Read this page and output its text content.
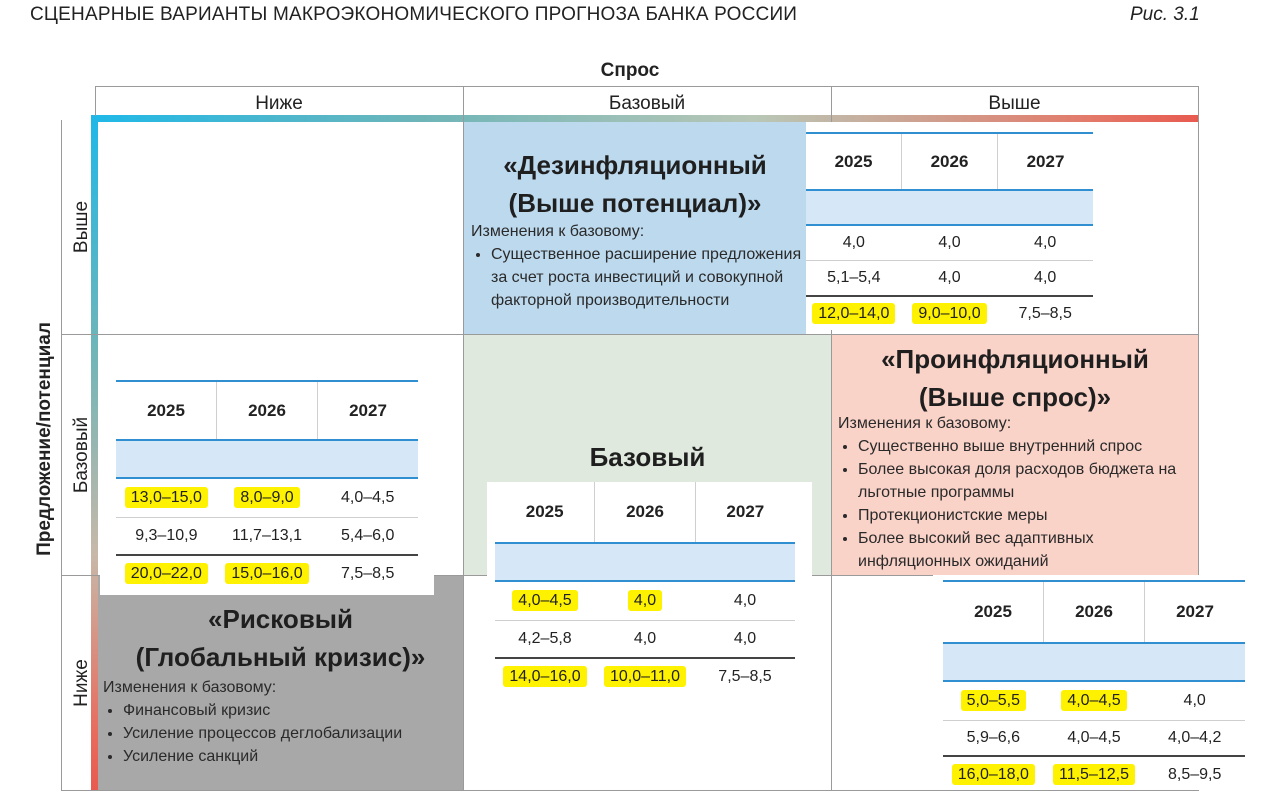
СЦЕНАРНЫЕ ВАРИАНТЫ МАКРОЭКОНОМИЧЕСКОГО ПРОГНОЗА БАНКА РОССИИ	Рис. 3.1
Спрос
Ниже	Базовый	Выше
Предложение/потенциал
Выше
Базовый
Ниже
«Дезинфляционный
(Выше потенциал)»
Изменения к базовому:
• Существенное расширение предложения за счет роста инвестиций и совокупной факторной производительности
«Проинфляционный
(Выше спрос)»
Изменения к базовому:
• Существенно выше внутренний спрос
• Более высокая доля расходов бюджета на льготные программы
• Протекционистские меры
• Более высокий вес адаптивных инфляционных ожиданий
Базовый
«Рисковый
(Глобальный кризис)»
Изменения к базовому:
• Финансовый кризис
• Усиление процессов деглобализации
• Усиление санкций
2025	2026	2027
4,0	4,0	4,0
5,1–5,4	4,0	4,0
12,0–14,0	9,0–10,0	7,5–8,5
2025	2026	2027
13,0–15,0	8,0–9,0	4,0–4,5
9,3–10,9	11,7–13,1	5,4–6,0
20,0–22,0	15,0–16,0	7,5–8,5
2025	2026	2027
4,0–4,5	4,0	4,0
4,2–5,8	4,0	4,0
14,0–16,0	10,0–11,0	7,5–8,5
2025	2026	2027
5,0–5,5	4,0–4,5	4,0
5,9–6,6	4,0–4,5	4,0–4,2
16,0–18,0	11,5–12,5	8,5–9,5
